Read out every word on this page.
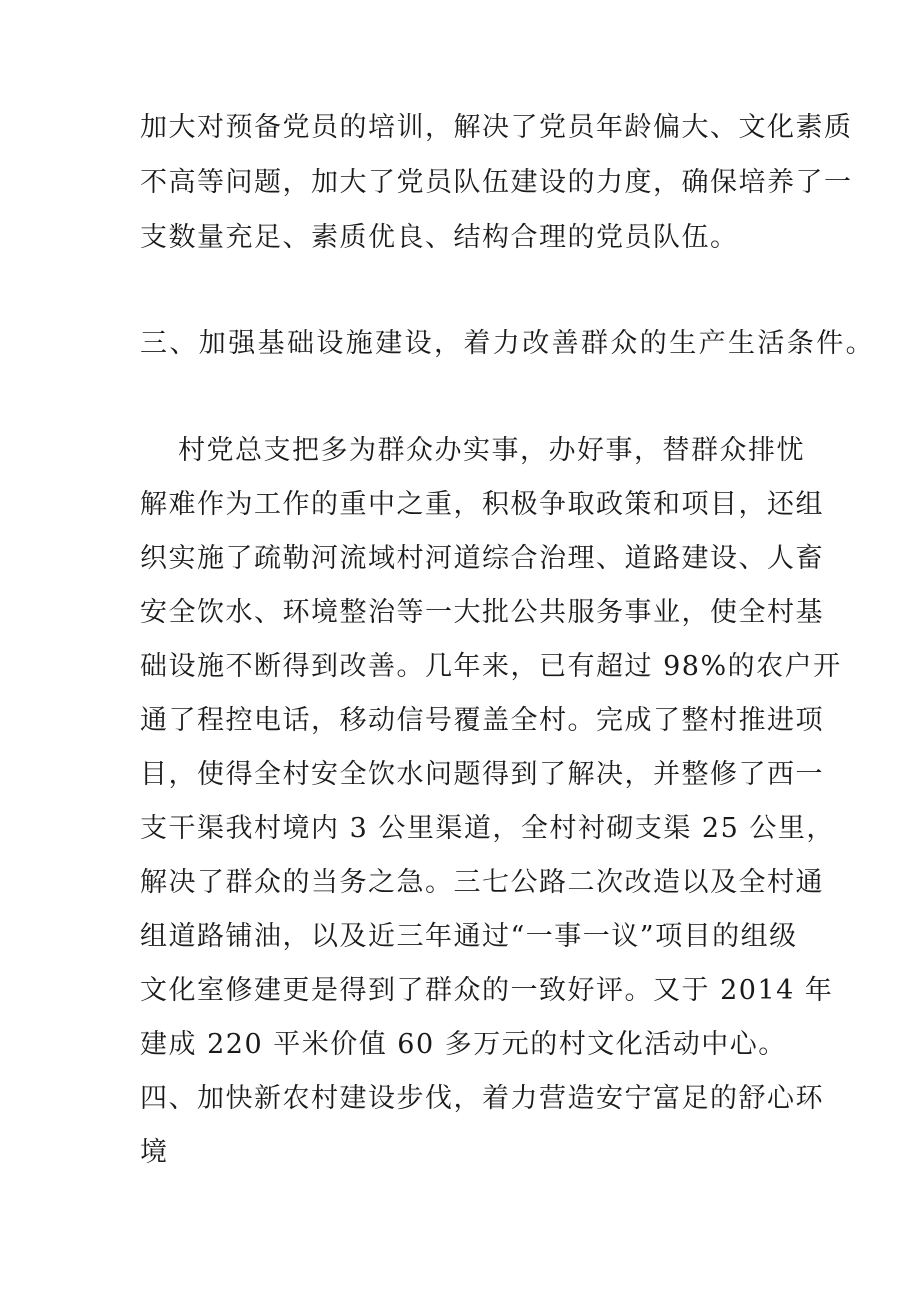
加大对预备党员的培训，解决了党员年龄偏大、文化素质
不高等问题，加大了党员队伍建设的力度，确保培养了一
支数量充足、素质优良、结构合理的党员队伍。
三、加强基础设施建设，着力改善群众的生产生活条件。
村党总支把多为群众办实事，办好事，替群众排忧
解难作为工作的重中之重，积极争取政策和项目，还组
织实施了疏勒河流域村河道综合治理、道路建设、人畜
安全饮水、环境整治等一大批公共服务事业，使全村基
础设施不断得到改善。几年来，已有超过 98%的农户开
通了程控电话，移动信号覆盖全村。完成了整村推进项
目，使得全村安全饮水问题得到了解决，并整修了西一
支干渠我村境内 3 公里渠道，全村衬砌支渠 25 公里，
解决了群众的当务之急。三七公路二次改造以及全村通
组道路铺油，以及近三年通过“一事一议”项目的组级
文化室修建更是得到了群众的一致好评。又于 2014 年
建成 220 平米价值 60 多万元的村文化活动中心。
四、加快新农村建设步伐，着力营造安宁富足的舒心环
境
